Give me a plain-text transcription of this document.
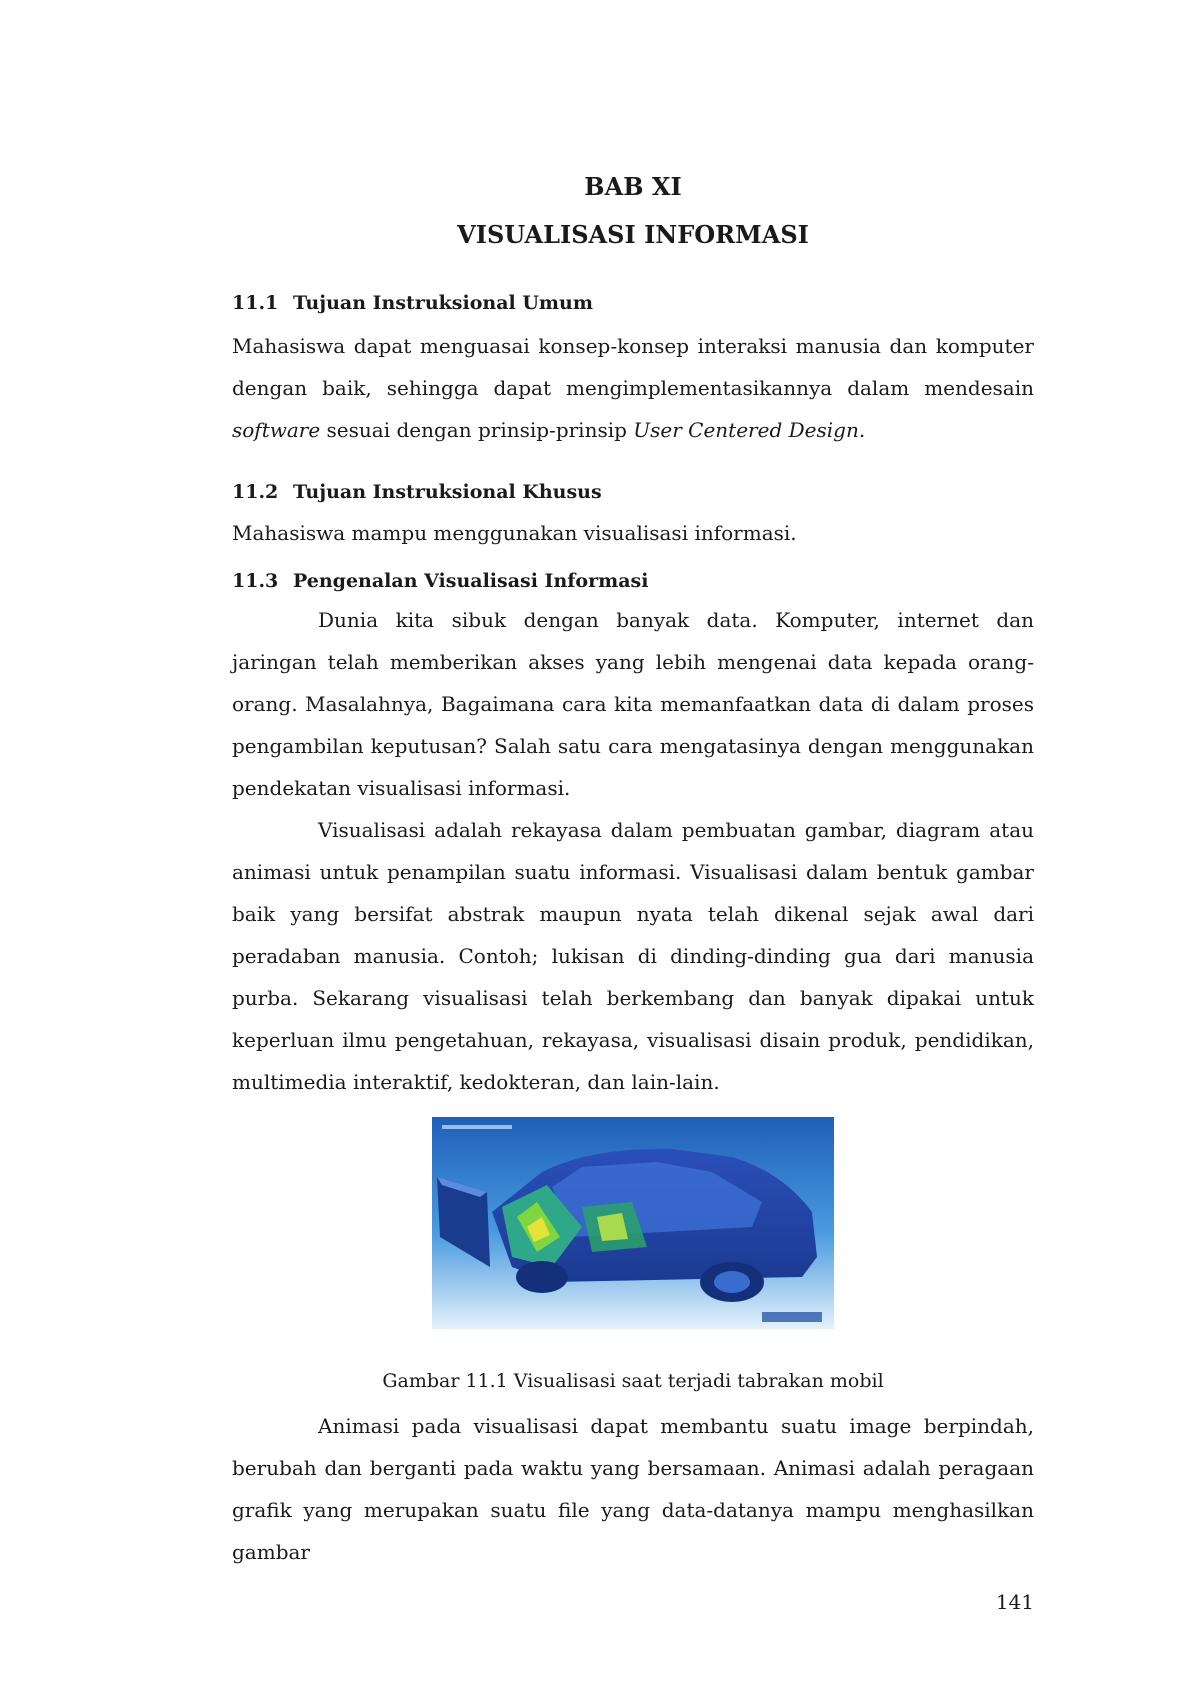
BAB XI
VISUALISASI INFORMASI
11.1 Tujuan Instruksional Umum

Mahasiswa dapat menguasai konsep-konsep interaksi manusia dan komputer dengan baik, sehingga dapat mengimplementasikannya dalam mendesain software sesuai dengan prinsip-prinsip User Centered Design.

11.2 Tujuan Instruksional Khusus

Mahasiswa mampu menggunakan visualisasi informasi.

11.3 Pengenalan Visualisasi Informasi

Dunia kita sibuk dengan banyak data. Komputer, internet dan jaringan telah memberikan akses yang lebih mengenai data kepada orang-orang. Masalahnya, Bagaimana cara kita memanfaatkan data di dalam proses pengambilan keputusan? Salah satu cara mengatasinya dengan menggunakan pendekatan visualisasi informasi.

Visualisasi adalah rekayasa dalam pembuatan gambar, diagram atau animasi untuk penampilan suatu informasi. Visualisasi dalam bentuk gambar baik yang bersifat abstrak maupun nyata telah dikenal sejak awal dari peradaban manusia. Contoh; lukisan di dinding-dinding gua dari manusia purba. Sekarang visualisasi telah berkembang dan banyak dipakai untuk keperluan ilmu pengetahuan, rekayasa, visualisasi disain produk, pendidikan, multimedia interaktif, kedokteran, dan lain-lain.

Gambar 11.1 Visualisasi saat terjadi tabrakan mobil

Animasi pada visualisasi dapat membantu suatu image berpindah, berubah dan berganti pada waktu yang bersamaan. Animasi adalah peragaan grafik yang merupakan suatu file yang data-datanya mampu menghasilkan gambar

141
